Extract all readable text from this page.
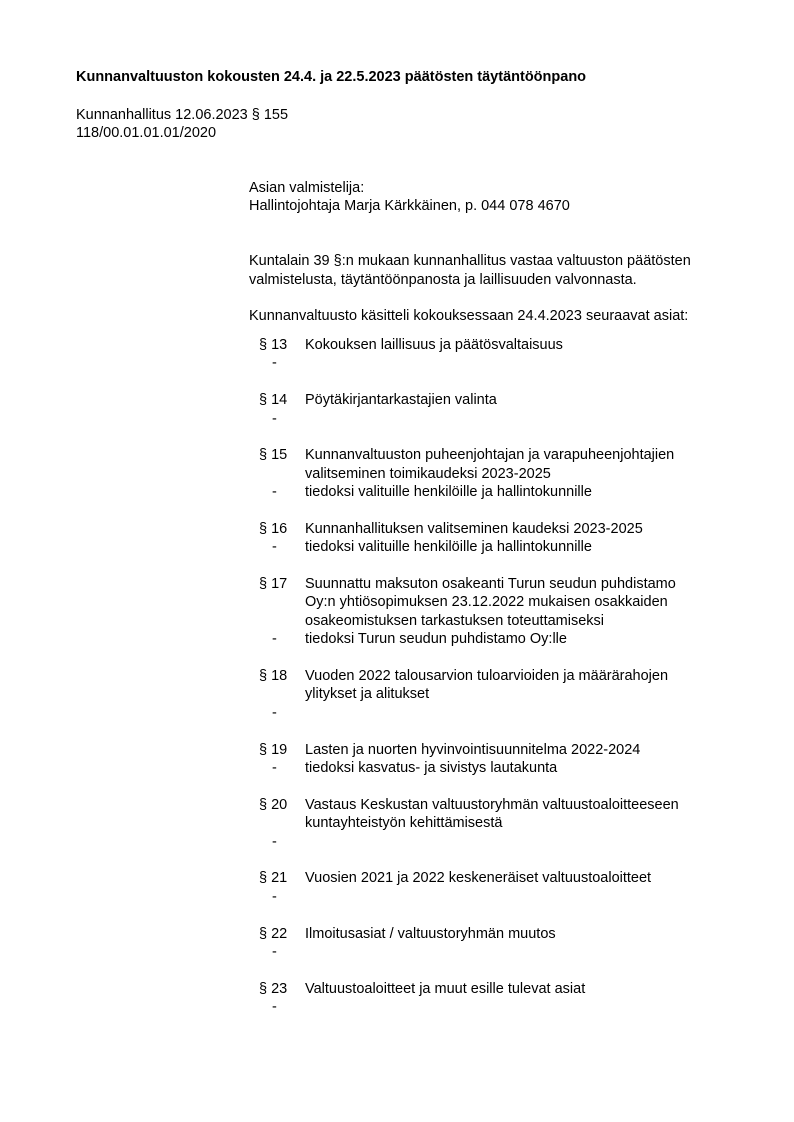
Kunnanvaltuuston kokousten 24.4. ja 22.5.2023 päätösten täytäntöönpano
Kunnanhallitus 12.06.2023 § 155
118/00.01.01.01/2020
Asian valmistelija:
Hallintojohtaja Marja Kärkkäinen, p. 044 078 4670
Kuntalain 39 §:n mukaan kunnanhallitus vastaa valtuuston päätösten
valmistelusta, täytäntöönpanosta ja laillisuuden valvonnasta.
Kunnanvaltuusto käsitteli kokouksessaan 24.4.2023 seuraavat asiat:
§ 13	Kokouksen laillisuus ja päätösvaltaisuus
-
§ 14	Pöytäkirjantarkastajien valinta
-
§ 15	Kunnanvaltuuston puheenjohtajan ja varapuheenjohtajien
valitseminen toimikaudeksi 2023-2025
-	tiedoksi valituille henkilöille ja hallintokunnille
§ 16	Kunnanhallituksen valitseminen kaudeksi 2023-2025
-	tiedoksi valituille henkilöille ja hallintokunnille
§ 17	Suunnattu maksuton osakeanti Turun seudun puhdistamo
Oy:n yhtiösopimuksen 23.12.2022 mukaisen osakkaiden
osakeomistuksen tarkastuksen toteuttamiseksi
-	tiedoksi Turun seudun puhdistamo Oy:lle
§ 18	Vuoden 2022 talousarvion tuloarvioiden ja määrärahojen
ylitykset ja alitukset
-
§ 19	Lasten ja nuorten hyvinvointisuunnitelma 2022-2024
-	tiedoksi kasvatus- ja sivistys lautakunta
§ 20	Vastaus Keskustan valtuustoryhmän valtuustoaloitteeseen
kuntayhteistyön kehittämisestä
-
§ 21	Vuosien 2021 ja 2022 keskeneräiset valtuustoaloitteet
-
§ 22	Ilmoitusasiat / valtuustoryhmän muutos
-
§ 23	Valtuustoaloitteet ja muut esille tulevat asiat
-
